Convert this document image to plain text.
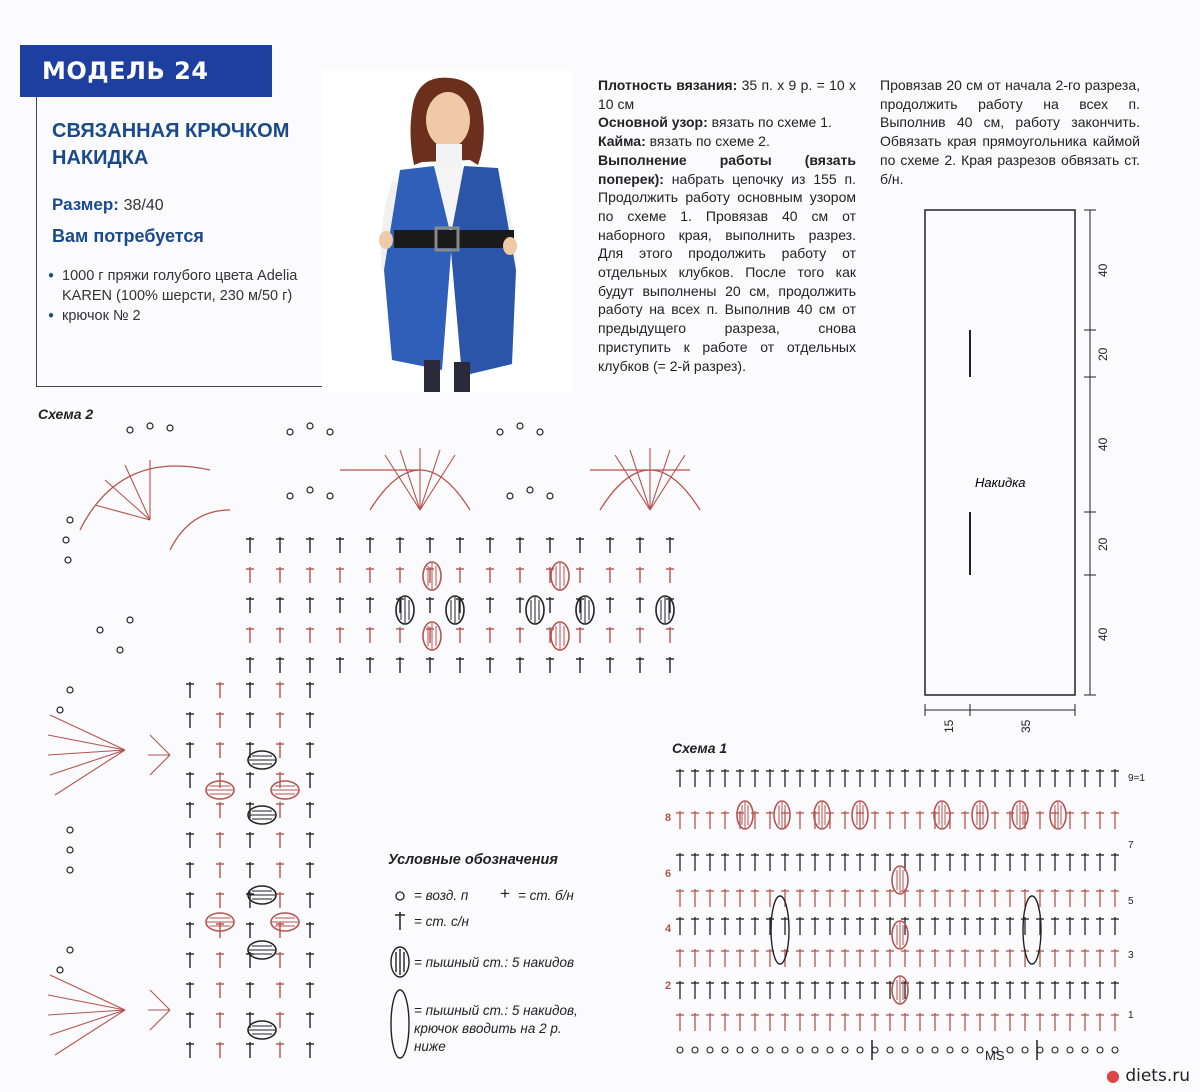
МОДЕЛЬ 24
СВЯЗАННАЯ КРЮЧКОМ НАКИДКА
Размер: 38/40
Вам потребуется
● 1000 г пряжи голубого цвета Adelia KAREN (100% шерсти, 230 м/50 г)
● крючок № 2
Плотность вязания: 35 п. х 9 р. = 10 х 10 см
Основной узор: вязать по схеме 1.
Кайма: вязать по схеме 2.
Выполнение работы (вязать поперек): набрать цепочку из 155 п. Продолжить работу основным узором по схеме 1. Провязав 40 см от наборного края, выполнить разрез. Для этого продолжить работу от отдельных клубков. После того как будут выполнены 20 см, продолжить работу на всех п. Выполнив 40 см от предыдущего разреза, снова приступить к работе от отдельных клубков (= 2-й разрез).
Провязав 20 см от начала 2-го разреза, продолжить работу на всех п. Выполнив 40 см, работу закончить. Обвязать края прямоугольника каймой по схеме 2. Края разрезов обвязать ст. б/н.
Накидка
40
20
40
20
40
15	35
Схема 2
Условные обозначения
= возд. п + = ст. б/н
= ст. с/н
= пышный ст.: 5 накидов
= пышный ст.: 5 накидов, крючок вводить на 2 р. ниже
Схема 1
8
6
4
2
9=1
7
5
3
1
MS
● diets.ru
